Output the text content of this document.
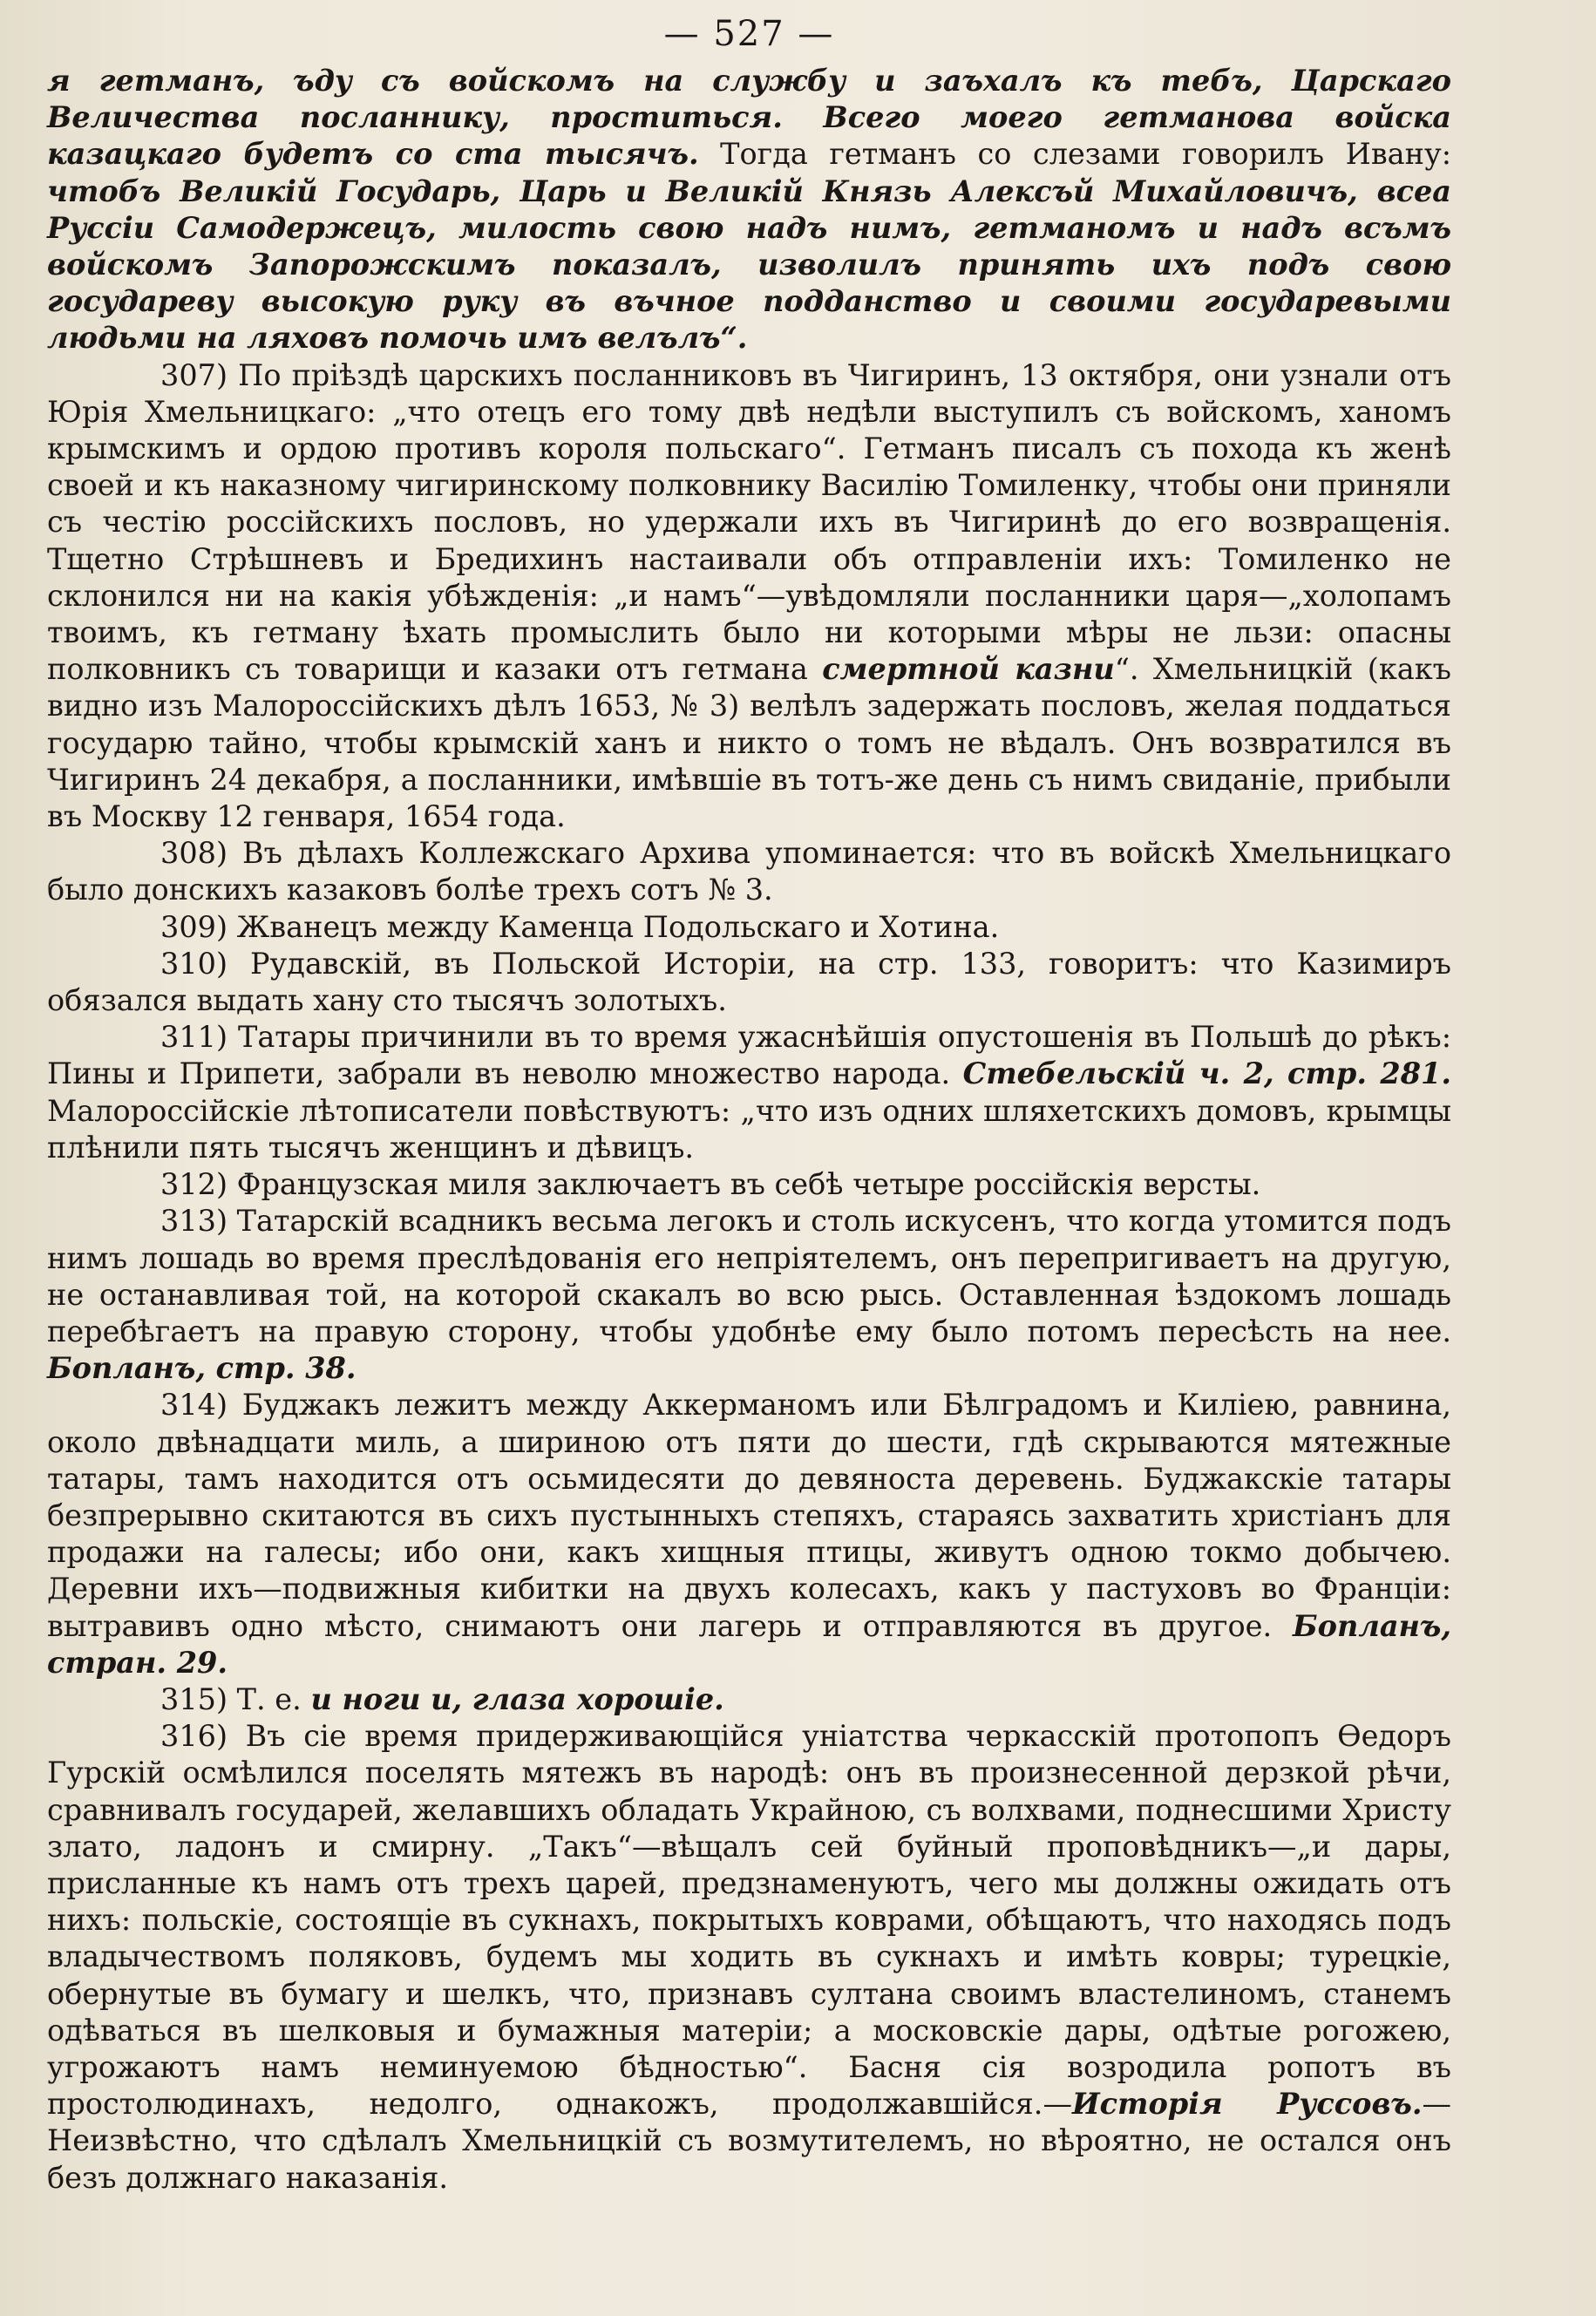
— 527 —

я гетманъ, ъду съ войскомъ на службу и заъхалъ къ тебъ, Царскаго Величества посланнику, проститься. Всего моего гетманова войска казацкаго будетъ со ста тысячъ. Тогда гетманъ со слезами говорилъ Ивану: чтобъ Великій Государь, Царь и Великій Князь Алексъй Михайловичъ, всеа Руссіи Самодержецъ, милость свою надъ нимъ, гетманомъ и надъ всъмъ войскомъ Запорожскимъ показалъ, изволилъ принять ихъ подъ свою государеву высокую руку въ въчное подданство и своими государевыми людьми на ляховъ помочь имъ велълъ“.

307) По пріѣздѣ царскихъ посланниковъ въ Чигиринъ, 13 октября, они узнали отъ Юрія Хмельницкаго: „что отецъ его тому двѣ недѣли выступилъ съ войскомъ, ханомъ крымскимъ и ордою противъ короля польскаго“. Гетманъ писалъ съ похода къ женѣ своей и къ наказному чигиринскому полковнику Василію Томиленку, чтобы они приняли съ честію россійскихъ пословъ, но удержали ихъ въ Чигиринѣ до его возвращенія. Тщетно Стрѣшневъ и Бредихинъ настаивали объ отправленіи ихъ: Томиленко не склонился ни на какія убѣжденія: „и намъ“—увѣдомляли посланники царя—„холопамъ твоимъ, къ гетману ѣхать промыслить было ни которыми мѣры не льзи: опасны полковникъ съ товарищи и казаки отъ гетмана смертной казни“. Хмельницкій (какъ видно изъ Малороссійскихъ дѣлъ 1653, № 3) велѣлъ задержать пословъ, желая поддаться государю тайно, чтобы крымскій ханъ и никто о томъ не вѣдалъ. Онъ возвратился въ Чигиринъ 24 декабря, а посланники, имѣвшіе въ тотъ-же день съ нимъ свиданіе, прибыли въ Москву 12 генваря, 1654 года.

308) Въ дѣлахъ Коллежскаго Архива упоминается: что въ войскѣ Хмельницкаго было донскихъ казаковъ болѣе трехъ сотъ № 3.

309) Жванецъ между Каменца Подольскаго и Хотина.

310) Рудавскій, въ Польской Исторіи, на стр. 133, говоритъ: что Казимиръ обязался выдать хану сто тысячъ золотыхъ.

311) Татары причинили въ то время ужаснѣйшія опустошенія въ Польшѣ до рѣкъ: Пины и Припети, забрали въ неволю множество народа. Стебельскій ч. 2, стр. 281. Малороссійскіе лѣтописатели повѣствуютъ: „что изъ одних шляхетскихъ домовъ, крымцы плѣнили пять тысячъ женщинъ и дѣвицъ.

312) Французская миля заключаетъ въ себѣ четыре россійскія версты.

313) Татарскій всадникъ весьма легокъ и столь искусенъ, что когда утомится подъ нимъ лошадь во время преслѣдованія его непріятелемъ, онъ перепригиваетъ на другую, не останавливая той, на которой скакалъ во всю рысь. Оставленная ѣздокомъ лошадь перебѣгаетъ на правую сторону, чтобы удобнѣе ему было потомъ пересѣсть на нее. Бопланъ, стр. 38.

314) Буджакъ лежитъ между Аккерманомъ или Бѣлградомъ и Киліею, равнина, около двѣнадцати миль, а шириною отъ пяти до шести, гдѣ скрываются мятежные татары, тамъ находится отъ осьмидесяти до девяноста деревень. Буджакскіе татары безпрерывно скитаются въ сихъ пустынныхъ степяхъ, стараясь захватить христіанъ для продажи на галесы; ибо они, какъ хищныя птицы, живутъ одною токмо добычею. Деревни ихъ—подвижныя кибитки на двухъ колесахъ, какъ у пастуховъ во Франціи: вытравивъ одно мѣсто, снимаютъ они лагерь и отправляются въ другое. Бопланъ, стран. 29.

315) Т. е. и ноги и, глаза хорошіе.

316) Въ сіе время придерживающійся уніатства черкасскій протопопъ Ѳедоръ Гурскій осмѣлился поселять мятежъ въ народѣ: онъ въ произнесенной дерзкой рѣчи, сравнивалъ государей, желавшихъ обладать Украйною, съ волхвами, поднесшими Христу злато, ладонъ и смирну. „Такъ“—вѣщалъ сей буйный проповѣдникъ—„и дары, присланные къ намъ отъ трехъ царей, предзнаменуютъ, чего мы должны ожидать отъ нихъ: польскіе, состоящіе въ сукнахъ, покрытыхъ коврами, обѣщаютъ, что находясь подъ владычествомъ поляковъ, будемъ мы ходить въ сукнахъ и имѣть ковры; турецкіе, обернутые въ бумагу и шелкъ, что, признавъ султана своимъ властелиномъ, станемъ одѣваться въ шелковыя и бумажныя матеріи; а московскіе дары, одѣтые рогожею, угрожаютъ намъ неминуемою бѣдностью“. Басня сія возродила ропотъ въ простолюдинахъ, недолго, однакожъ, продолжавшійся.—Исторія Руссовъ.—Неизвѣстно, что сдѣлалъ Хмельницкій съ возмутителемъ, но вѣроятно, не остался онъ безъ должнаго наказанія.
